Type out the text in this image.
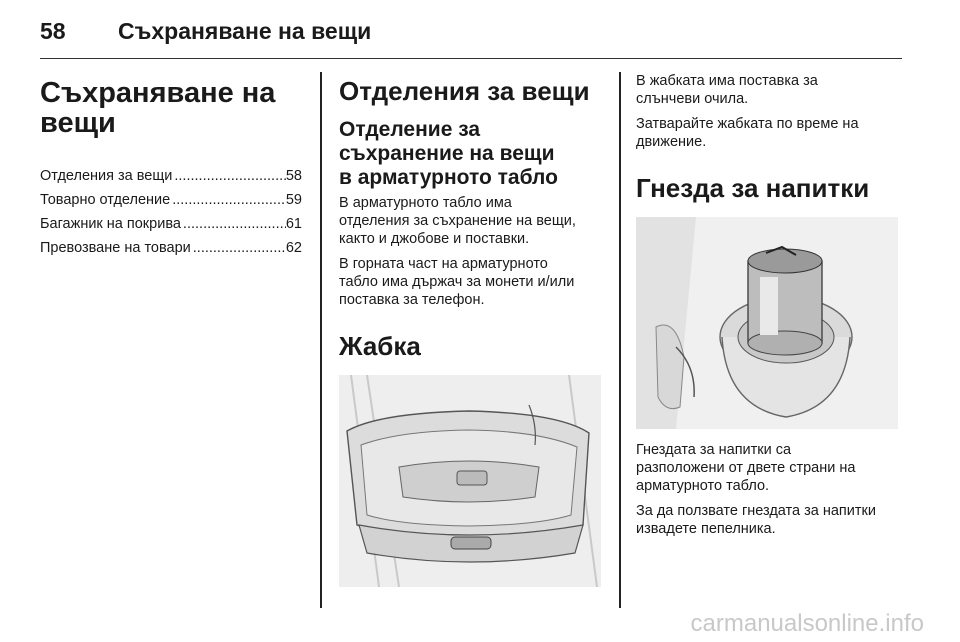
58 Съхраняване на вещи
Съхраняване на
вещи
Отделения за вещи .....	58
Товарно отделение .....	59
Багажник на покрива .....	61
Превозване на товари .....	62
Отделения за вещи
Отделение за
съхранение на вещи
в арматурното табло

В арматурното табло има
отделения за съхранение на вещи,
както и джобове и поставки.

В горната част на арматурното
табло има държач за монети и/или
поставка за телефон.

Жабка

В жабката има поставка за
слънчеви очила.

Затварайте жабката по време на
движение.

Гнезда за напитки

Гнездата за напитки са
разположени от двете страни на
арматурното табло.

За да ползвате гнездата за напитки
извадете пепелника.

carmanualsonline.info
